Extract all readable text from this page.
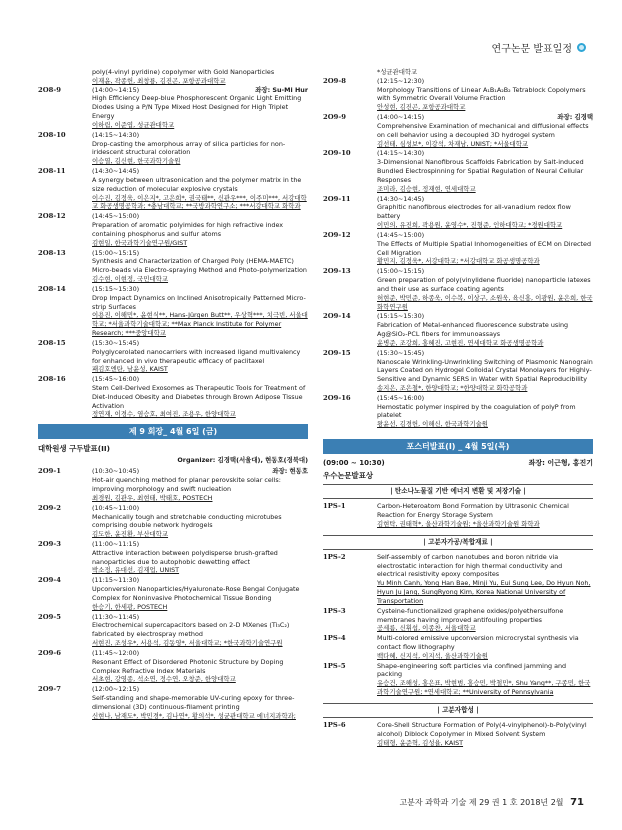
연구논문 발표일정
poly(4-vinyl pyridine) copolymer with Gold Nanoparticles
이재윤, 곽종헌, 최창룡, 김진곤, 포항공과대학교
2O8-9	(14:00~14:15)	좌장: Su-Mi Hur
High Efficiency Deep-blue Phosphorescent Organic Light Emitting Diodes Using a P/N Type Mixed Host Designed for High Triplet Energy
이하림, 이준엽, 성균관대학교
2O8-10	(14:15~14:30)
Drop-casting the amorphous array of silica particles for non-iridescent structural coloration
이승열, 김신현, 한국과학기술원
2O8-11	(14:30~14:45)
A synergy between ultrasonication and the polymer matrix in the size reduction of molecular explosive crystals
이수진, 김정욱, 이은지*, 고은희*, 권국태**, 신관우***, 이주미***, 서강대학교 화공생명공학과; *충남대학교; **국방과학연구소; ***서강대학교 화학과
2O8-12	(14:45~15:00)
Preparation of aromatic polyimides for high refractive index containing phosphorus and sulfur atoms
김현일, 한국과학기술연구원/GIST
2O8-13	(15:00~15:15)
Synthesis and Characterization of Charged Poly (HEMA-MAETC) Micro-beads via Electro-spraying Method and Photo-polymerization
김수현, 이현정, 국민대학교
2O8-14	(15:15~15:30)
Drop Impact Dynamics on Inclined Anisotropically Patterned Micro-strip Surfaces
이용진, 이해민*, 윤현식**, Hans-Jürgen Butt**, 우상혁***, 치극빈, 서울대학교; *서울과학기술대학교; **Max Planck Institute for Polymer Research; ***중앙대학교
2O8-15	(15:30~15:45)
Polyglycerolated nanocarriers with increased ligand multivalency for enhanced in vivo therapeutic efficacy of paclitaxel
패김호엔탄, 남윤성, KAIST
2O8-16	(15:45~16:00)
Stem Cell-Derived Exosomes as Therapeutic Tools for Treatment of Diet-Induced Obesity and Diabetes through Brown Adipose Tissue Activation
정연재, 이경수, 염승호, 최여진, 조용우, 한양대학교
제 9 회장_ 4월 6일 (금)
대학원생 구두발표(II)
Organizer: 김경택(서울대), 현동호(경북대)
2O9-1	(10:30~10:45)	좌장: 현동호
Hot-air quenching method for planar perovskite solar cells: improving morphology and swift nucleation
최경원, 김관우, 최현태, 박태호, POSTECH
2O9-2	(10:45~11:00)
Mechanically tough and stretchable conducting microtubes comprising double network hydrogels
김도한, 윤진환, 부산대학교
2O9-3	(11:00~11:15)
Attractive interaction between polydisperse brush-grafted nanoparticles due to autophobic dewetting effect
박소정, 유대선, 김재업, UNIST
2O9-4	(11:15~11:30)
Upconversion Nanoparticles/Hyaluronate-Rose Bengal Conjugate Complex for Noninvasive Photochemical Tissue Bonding
한승기, 한세광, POSTECH
2O9-5	(11:30~11:45)
Electrochemical supercapacitors based on 2-D MXenes (Ti₃C₂) fabricated by electrospray method
서현진, 조성우*, 서용석, 김동영*, 서울대학교; *한국과학기술연구원
2O9-6	(11:45~12:00)
Resonant Effect of Disordered Photonic Structure by Doping Complex Refractive Index Materials
서초현, 강영종, 석소연, 정수연, 오창준, 한양대학교
2O9-7	(12:00~12:15)
Self-standing and shape-memorable UV-curing epoxy for three-dimensional (3D) continuous-filament printing
신현나, 남재도*, 박민경*, 김나연*, 황의석*, 성균관대학교 에너지과학과;
*성균관대학교
2O9-8	(12:15~12:30)
Morphology Transitions of Linear A₁B₁A₂B₂ Tetrablock Copolymers with Symmetric Overall Volume Fraction
안성현, 김진곤, 포항공과대학교
2O9-9	(14:00~14:15)	좌장: 김경택
Comprehensive Examination of mechanical and diffusional effects on cell behavior using a decoupled 3D hydrogel system
김선태, 심성보*, 이강석, 차재남, UNIST; *서울대학교
2O9-10	(14:15~14:30)
3-Dimensional Nanofibrous Scaffolds Fabrication by Salt-induced Bundled Electrospinning for Spatial Regulation of Neural Cellular Responses
조미라, 김승현, 정재현, 연세대학교
2O9-11	(14:30~14:45)
Graphitic nanofibrous electrodes for all-vanadium redox flow battery
이민의, 유진희, 곽용원, 윤영수*, 진형준, 인하대학교; *경원대학교
2O9-12	(14:45~15:00)
The Effects of Multiple Spatial Inhomogeneities of ECM on Directed Cell Migration
황민지, 김정욱*, 서강대학교; *서강대학교 화공생명공학과
2O9-13	(15:00~15:15)
Green preparation of poly(vinylidene fluoride) nanoparticle latexes and their use as surface coating agents
허현준, 박민준, 하종욱, 이수복, 이상구, 소원욱, 육신홍, 이광원, 윤은희, 한국화학연구원
2O9-14	(15:15~15:30)
Fabrication of Metal-enhanced fluorescence substrate using Ag@SiO₂-PCL fibers for immunoassays
윤병준, 조강희, 홍혜진, 고현진, 연세대학교 화공생명공학과
2O9-15	(15:30~15:45)
Nanoscale Wrinkling-Unwrinkling Switching of Plasmonic Nanograin Layers Coated on Hydrogel Colloidal Crystal Monolayers for Highly-Sensitive and Dynamic SERS in Water with Spatial Reproducibility
송지은, 조은철*, 한양대학교; *한양대학교 화학공학과
2O9-16	(15:45~16:00)
Hemostatic polymer inspired by the coagulation of polyP from platelet
왕윤선, 김경헌, 이해신, 한국과학기술원
포스터발표(I) _ 4월 5일(목)
(09:00 ~ 10:30)	좌장: 이근형, 홍진기
우수논문발표상
| 탄소나노물질 기반 에너지 변환 및 저장기술 |
1PS-1	Carbon-Heteroatom Bond Formation by Ultrasonic Chemical Reaction for Energy Storage System
김현탁, 권태혁*, 울산과학기술원; *울산과학기술원 화학과
| 고분자가공/복합재료 |
1PS-2	Self-assembly of carbon nanotubes and boron nitride via electrostatic interaction for high thermal conductivity and electrical resistivity epoxy composites
Yu Minh Canh, Yong Han Bae, Minji Yu, Eui Sung Lee, Do Hyun Noh, Hyun Ju Jang, SungRyong Kim, Korea National University of Transportation
1PS-3	Cysteine-functionalized graphene oxides/polyethersulfone membranes having improved antifouling properties
공세름, 신휘섭, 이종찬, 서울대학교
1PS-4	Multi-colored emissive upconversion microcrystal synthesis via contact flow lithography
백다혜, 신지석, 이지석, 울산과학기술원
1PS-5	Shape-engineering soft particles via confined jamming and packing
유승건, 조해성, 홍은표, 박현범, 홍승민, 박철민*, Shu Yang**, 구종민, 한국과학기술연구원; *연세대학교; **University of Pennsylvania
| 고분자합성 |
1PS-6	Core-Shell Structure Formation of Poly(4-vinylphenol)-b-Poly(vinyl alcohol) Diblock Copolymer in Mixed Solvent System
김태형, 윤준혁, 김성율, KAIST
고분자 과학과 기술 제 29 권 1 호 2018년 2월 71
